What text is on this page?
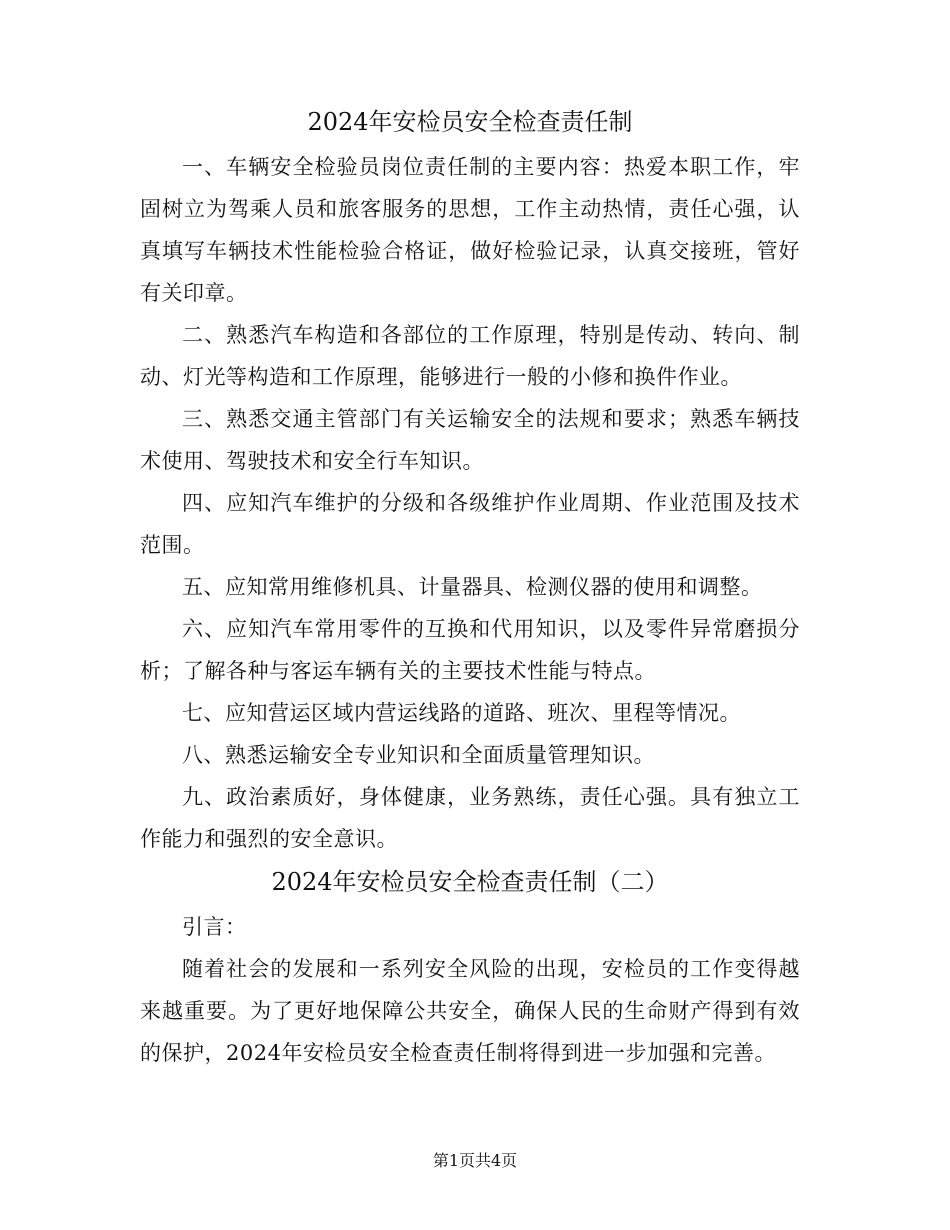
2024年安检员安全检查责任制

一、车辆安全检验员岗位责任制的主要内容：热爱本职工作，牢固树立为驾乘人员和旅客服务的思想，工作主动热情，责任心强，认真填写车辆技术性能检验合格证，做好检验记录，认真交接班，管好有关印章。

二、熟悉汽车构造和各部位的工作原理，特别是传动、转向、制动、灯光等构造和工作原理，能够进行一般的小修和换件作业。

三、熟悉交通主管部门有关运输安全的法规和要求；熟悉车辆技术使用、驾驶技术和安全行车知识。

四、应知汽车维护的分级和各级维护作业周期、作业范围及技术范围。

五、应知常用维修机具、计量器具、检测仪器的使用和调整。

六、应知汽车常用零件的互换和代用知识，以及零件异常磨损分析；了解各种与客运车辆有关的主要技术性能与特点。

七、应知营运区域内营运线路的道路、班次、里程等情况。

八、熟悉运输安全专业知识和全面质量管理知识。

九、政治素质好，身体健康，业务熟练，责任心强。具有独立工作能力和强烈的安全意识。

2024年安检员安全检查责任制（二）

引言：

随着社会的发展和一系列安全风险的出现，安检员的工作变得越来越重要。为了更好地保障公共安全，确保人民的生命财产得到有效的保护，2024年安检员安全检查责任制将得到进一步加强和完善。

第1页共4页
